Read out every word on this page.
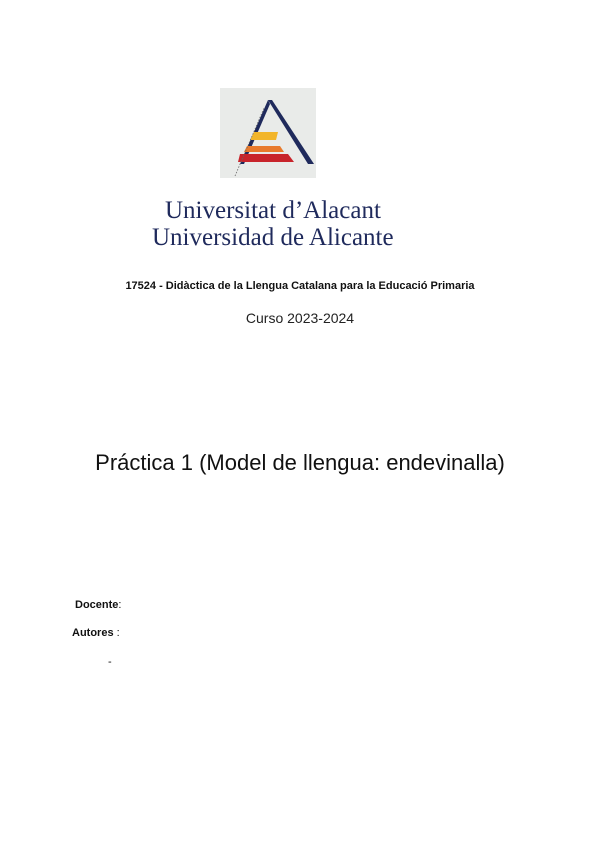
Universitat d’Alacant
Universidad de Alicante
17524 - Didàctica de la Llengua Catalana para la Educació Primaria
Curso 2023-2024
Práctica 1 (Model de llengua: endevinalla)
Docente:
Autores :
-
